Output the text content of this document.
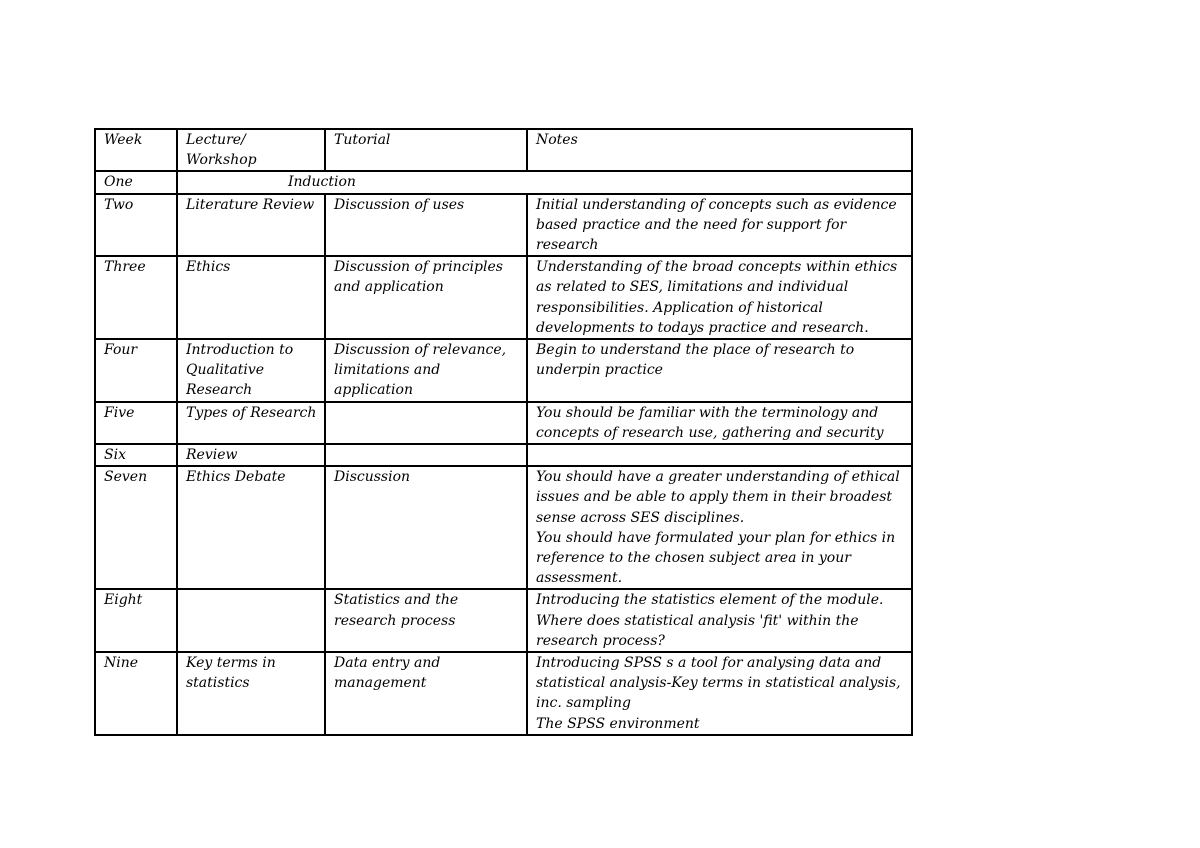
Week	Lecture/ Workshop	Tutorial	Notes
One	Induction		

Two	Literature Review	Discussion of uses	Initial understanding of concepts such as evidence based practice and the need for support for research

Three	Ethics	Discussion of principles and application	Understanding of the broad concepts within ethics as related to SES, limitations and individual responsibilities. Application of historical developments to todays practice and research.

Four	Introduction to Qualitative Research	Discussion of relevance, limitations and application	Begin to understand the place of research to underpin practice

Five	Types of Research		You should be familiar with the terminology and concepts of research use, gathering and security

Six	Review		

Seven	Ethics Debate	Discussion	You should have a greater understanding of ethical issues and be able to apply them in their broadest sense across SES disciplines.
You should have formulated your plan for ethics in reference to the chosen subject area in your assessment.

Eight		Statistics and the research process	Introducing the statistics element of the module. Where does statistical analysis 'fit' within the research process?

Nine	Key terms in statistics	Data entry and management	Introducing SPSS s a tool for analysing data and statistical analysis-Key terms in statistical analysis, inc. sampling
The SPSS environment
